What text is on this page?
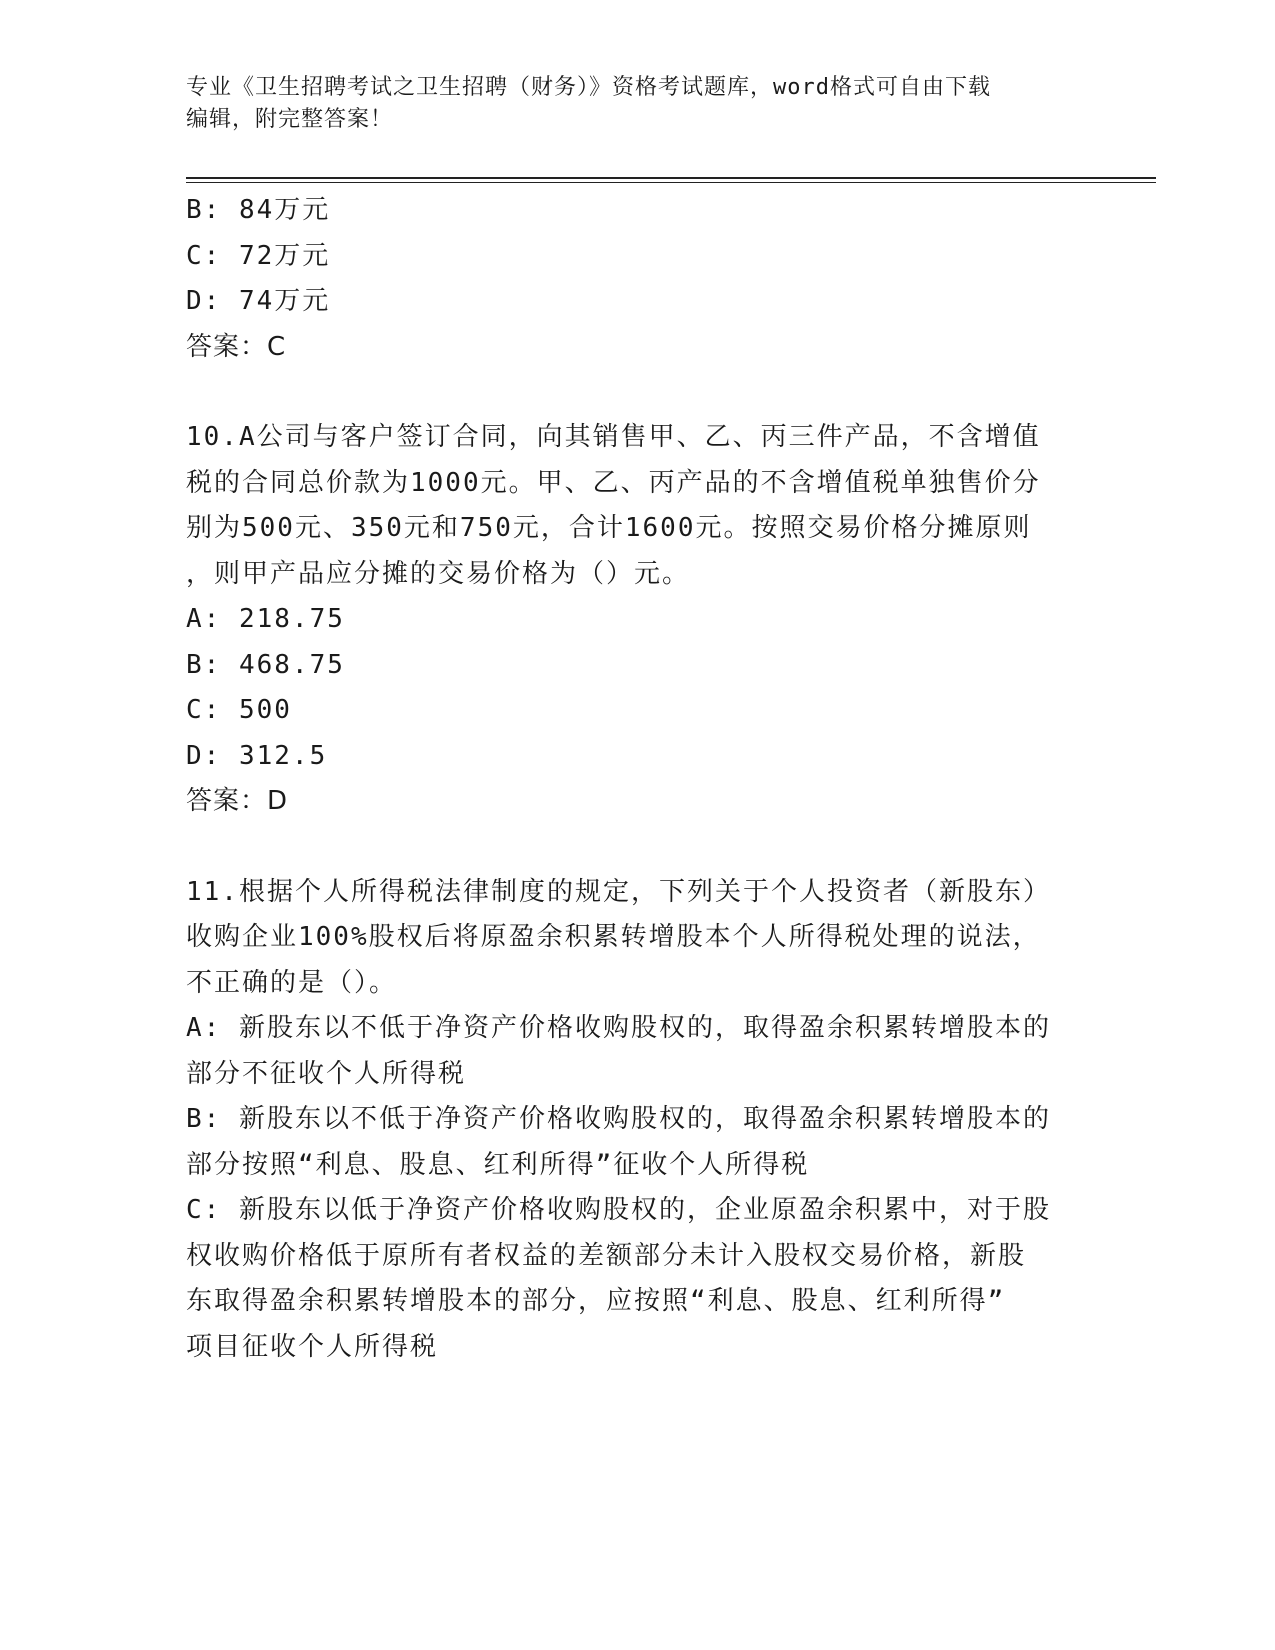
专业《卫生招聘考试之卫生招聘（财务）》资格考试题库，word格式可自由下载
编辑，附完整答案！
B: 84万元
C: 72万元
D: 74万元
答案：C
10.A公司与客户签订合同，向其销售甲、乙、丙三件产品，不含增值
税的合同总价款为1000元。甲、乙、丙产品的不含增值税单独售价分
别为500元、350元和750元，合计1600元。按照交易价格分摊原则
，则甲产品应分摊的交易价格为（）元。
A: 218.75
B: 468.75
C: 500
D: 312.5
答案：D
11.根据个人所得税法律制度的规定，下列关于个人投资者（新股东）
收购企业100%股权后将原盈余积累转增股本个人所得税处理的说法，
不正确的是（）。
A: 新股东以不低于净资产价格收购股权的，取得盈余积累转增股本的
部分不征收个人所得税
B: 新股东以不低于净资产价格收购股权的，取得盈余积累转增股本的
部分按照“利息、股息、红利所得”征收个人所得税
C: 新股东以低于净资产价格收购股权的，企业原盈余积累中，对于股
权收购价格低于原所有者权益的差额部分未计入股权交易价格，新股
东取得盈余积累转增股本的部分，应按照“利息、股息、红利所得”
项目征收个人所得税
